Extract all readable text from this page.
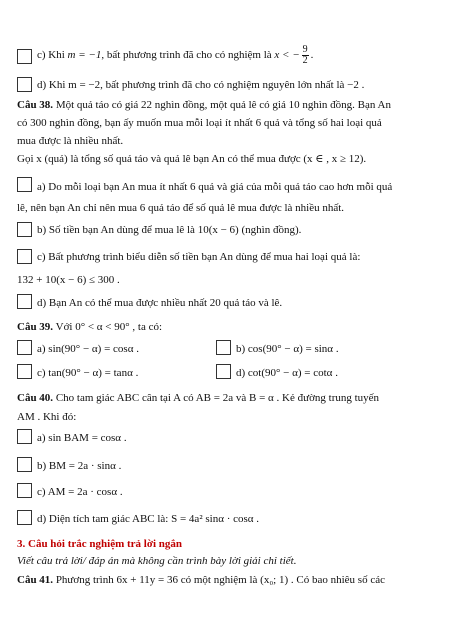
c) Khi m = −1, bất phương trình đã cho có nghiệm là x < − $\frac{9}{2}$ .
d) Khi m = −2, bất phương trình đã cho có nghiệm nguyên lớn nhất là −2 .
Câu 38. Một quả táo có giá 22 nghìn đồng, một quả lê có giá 10 nghìn đồng. Bạn An
có 300 nghìn đồng, bạn ấy muốn mua mỗi loại ít nhất 6 quả và tổng số hai loại quả
mua được là nhiều nhất.
Gọi x (quả) là tổng số quả táo và quả lê bạn An có thể mua được (x ∈ , x ≥ 12).
a) Do mỗi loại bạn An mua ít nhất 6 quả và giá của mỗi quả táo cao hơn mỗi quả
lê, nên bạn An chỉ nên mua 6 quả táo để số quả lê mua được là nhiều nhất.
b) Số tiền bạn An dùng để mua lê là 10(x − 6) (nghìn đồng).
c) Bất phương trình biểu diễn số tiền bạn An dùng để mua hai loại quả là:
132 + 10(x − 6) ≤ 300 .
d) Bạn An có thể mua được nhiều nhất 20 quả táo và lê.
Câu 39. Với 0° < α < 90° , ta có:
a) sin(90° − α) = cosα .	b) cos(90° − α) = sinα .
c) tan(90° − α) = tanα .	d) cot(90° − α) = cotα .
Câu 40. Cho tam giác ABC cân tại A có AB = 2a và B = α . Kẻ đường trung tuyến
AM . Khi đó:
a) sin BAM = cosα .
b) BM = 2a · sinα .
c) AM = 2a · cosα .
d) Diện tích tam giác ABC là: S = 4a² sinα · cosα .
3. Câu hỏi trắc nghiệm trả lời ngắn
Viết câu trả lời/ đáp án mà không cần trình bày lời giải chi tiết.
Câu 41. Phương trình 6x + 11y = 36 có một nghiệm là (x₀; 1) . Có bao nhiêu số các
